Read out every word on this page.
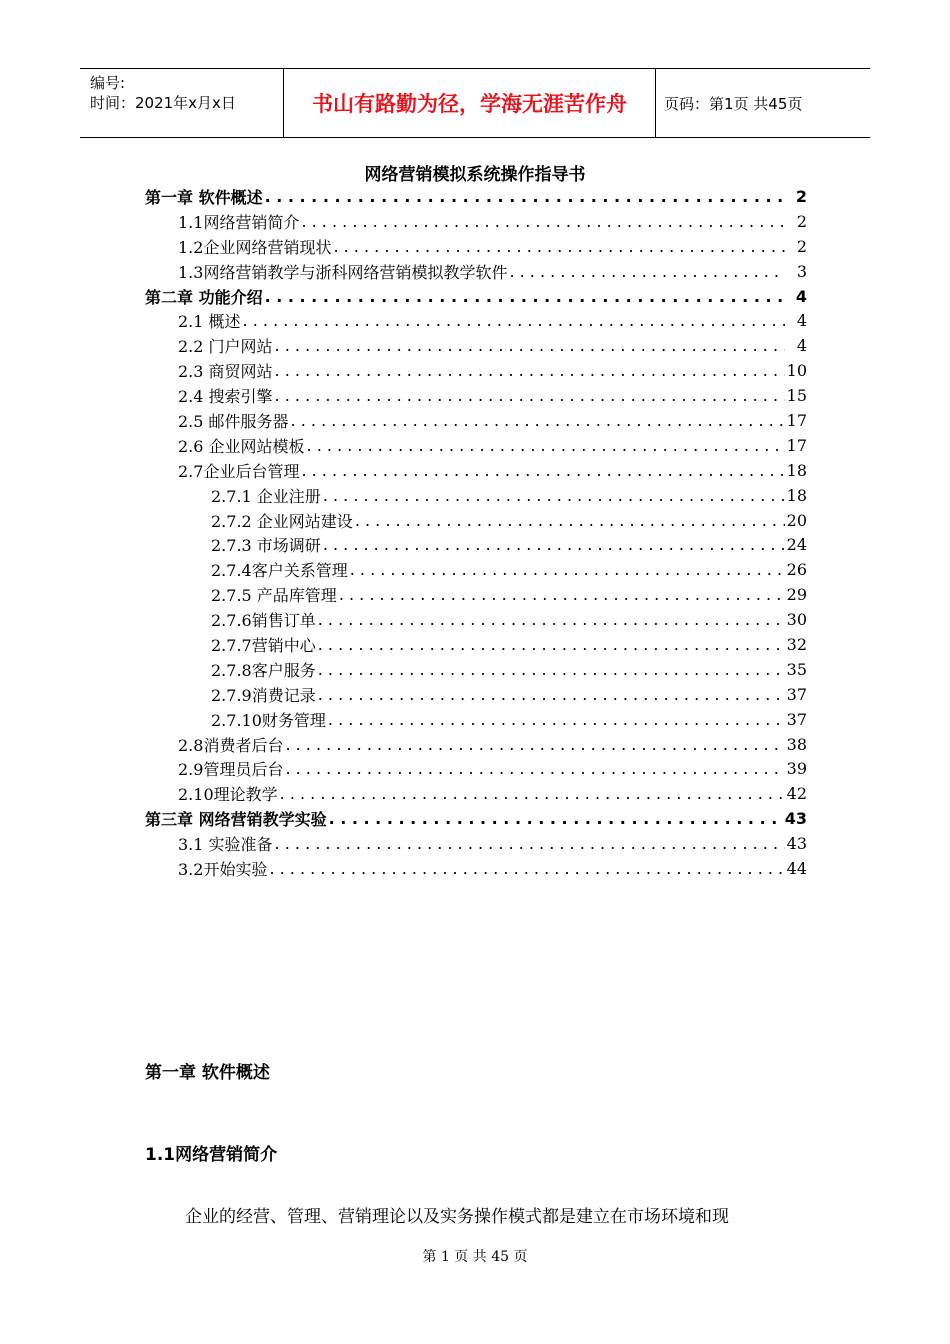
编号:
时间：2021年x月x日	书山有路勤为径，学海无涯苦作舟	页码：第1页 共45页
网络营销模拟系统操作指导书
第一章 软件概述 . . .	2
1.1网络营销简介 . . .	2
1.2企业网络营销现状 . . .	2
1.3网络营销教学与浙科网络营销模拟教学软件 . . .	3
第二章 功能介绍 . . .	4
2.1 概述 . . .	4
2.2 门户网站 . . .	4
2.3 商贸网站 . . .	10
2.4 搜索引擎 . . .	15
2.5 邮件服务器 . . .	17
2.6 企业网站模板 . . .	17
2.7企业后台管理 . . .	18
2.7.1 企业注册 . . .	18
2.7.2 企业网站建设 . . .	20
2.7.3 市场调研 . . .	24
2.7.4客户关系管理 . . .	26
2.7.5 产品库管理 . . .	29
2.7.6销售订单 . . .	30
2.7.7营销中心 . . .	32
2.7.8客户服务 . . .	35
2.7.9消费记录 . . .	37
2.7.10财务管理 . . .	37
2.8消费者后台 . . .	38
2.9管理员后台 . . .	39
2.10理论教学 . . .	42
第三章 网络营销教学实验 . . .	43
3.1 实验准备 . . .	43
3.2开始实验 . . .	44
第一章 软件概述
1.1网络营销简介
企业的经营、管理、营销理论以及实务操作模式都是建立在市场环境和现
第 1 页 共 45 页
